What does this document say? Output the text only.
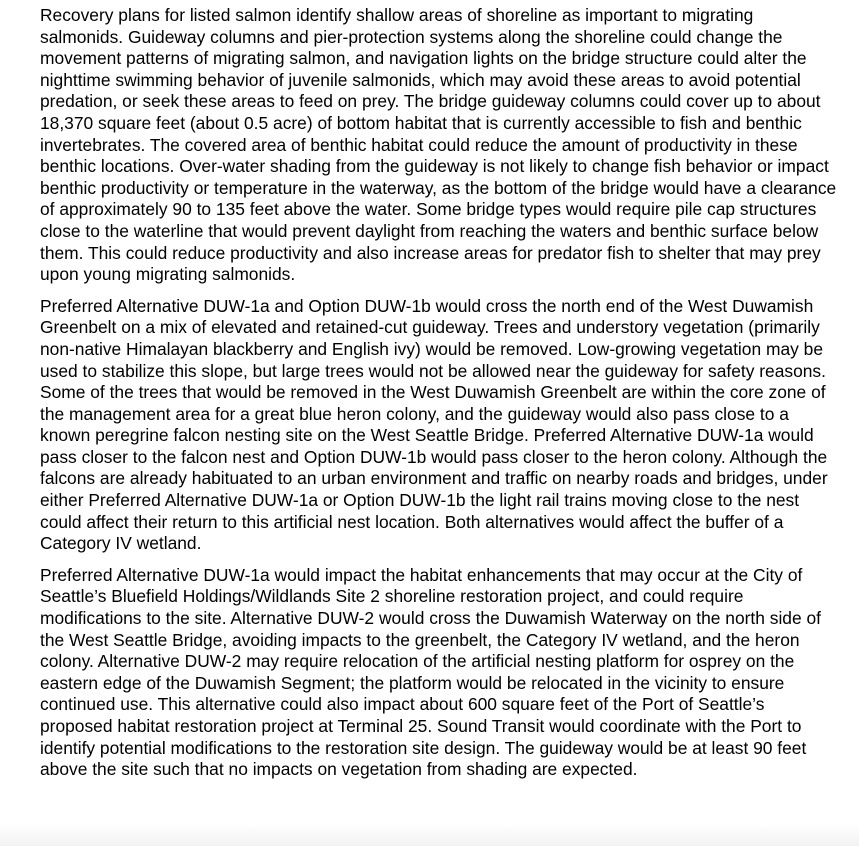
Recovery plans for listed salmon identify shallow areas of shoreline as important to migrating salmonids. Guideway columns and pier-protection systems along the shoreline could change the movement patterns of migrating salmon, and navigation lights on the bridge structure could alter the nighttime swimming behavior of juvenile salmonids, which may avoid these areas to avoid potential predation, or seek these areas to feed on prey. The bridge guideway columns could cover up to about 18,370 square feet (about 0.5 acre) of bottom habitat that is currently accessible to fish and benthic invertebrates. The covered area of benthic habitat could reduce the amount of productivity in these benthic locations. Over-water shading from the guideway is not likely to change fish behavior or impact benthic productivity or temperature in the waterway, as the bottom of the bridge would have a clearance of approximately 90 to 135 feet above the water. Some bridge types would require pile cap structures close to the waterline that would prevent daylight from reaching the waters and benthic surface below them. This could reduce productivity and also increase areas for predator fish to shelter that may prey upon young migrating salmonids.

Preferred Alternative DUW-1a and Option DUW-1b would cross the north end of the West Duwamish Greenbelt on a mix of elevated and retained-cut guideway. Trees and understory vegetation (primarily non-native Himalayan blackberry and English ivy) would be removed. Low-growing vegetation may be used to stabilize this slope, but large trees would not be allowed near the guideway for safety reasons. Some of the trees that would be removed in the West Duwamish Greenbelt are within the core zone of the management area for a great blue heron colony, and the guideway would also pass close to a known peregrine falcon nesting site on the West Seattle Bridge. Preferred Alternative DUW-1a would pass closer to the falcon nest and Option DUW-1b would pass closer to the heron colony. Although the falcons are already habituated to an urban environment and traffic on nearby roads and bridges, under either Preferred Alternative DUW-1a or Option DUW-1b the light rail trains moving close to the nest could affect their return to this artificial nest location. Both alternatives would affect the buffer of a Category IV wetland.

Preferred Alternative DUW-1a would impact the habitat enhancements that may occur at the City of Seattle’s Bluefield Holdings/Wildlands Site 2 shoreline restoration project, and could require modifications to the site. Alternative DUW-2 would cross the Duwamish Waterway on the north side of the West Seattle Bridge, avoiding impacts to the greenbelt, the Category IV wetland, and the heron colony. Alternative DUW-2 may require relocation of the artificial nesting platform for osprey on the eastern edge of the Duwamish Segment; the platform would be relocated in the vicinity to ensure continued use. This alternative could also impact about 600 square feet of the Port of Seattle’s proposed habitat restoration project at Terminal 25. Sound Transit would coordinate with the Port to identify potential modifications to the restoration site design. The guideway would be at least 90 feet above the site such that no impacts on vegetation from shading are expected.
